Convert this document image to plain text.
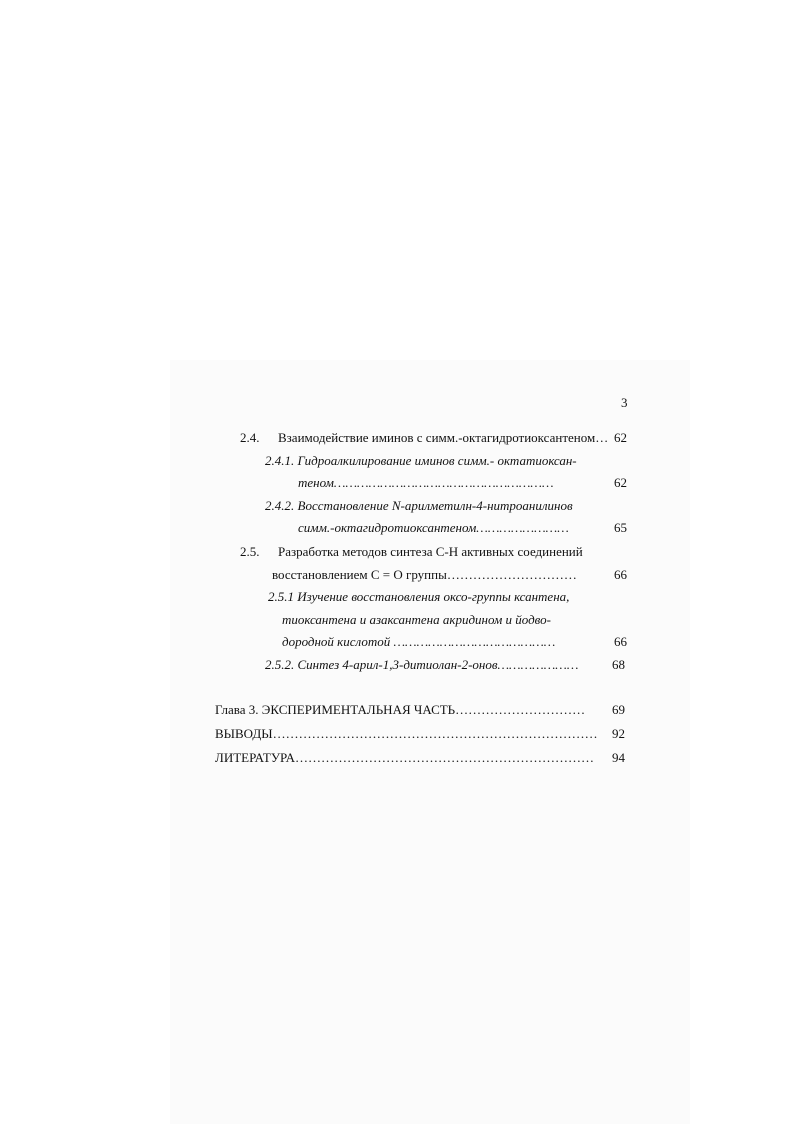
3
2.4. Взаимодействие иминов с симм.-октагидротиоксантеном… 62
2.4.1. Гидроалкилирование иминов симм.- октатиоксан-
теном…………………………………………………	62
2.4.2. Восстановление N-арилметилн-4-нитроанилинов
симм.-октагидротиоксантеном……………………	65
2.5. Разработка методов синтеза С-Н активных соединений
восстановлением С = О группы…………………………	66
2.5.1 Изучение восстановления оксо-группы ксантена,
тиоксантена и азаксантена акридином и йодво-
дородной кислотой ……………………………………	66
2.5.2. Синтез 4-арил-1,3-дитиолан-2-онов…………………	68
Глава 3. ЭКСПЕРИМЕНТАЛЬНАЯ ЧАСТЬ………………………… 69
ВЫВОДЫ………………………………………………………………… 92
ЛИТЕРАТУРА…………………………………………………………… 94
